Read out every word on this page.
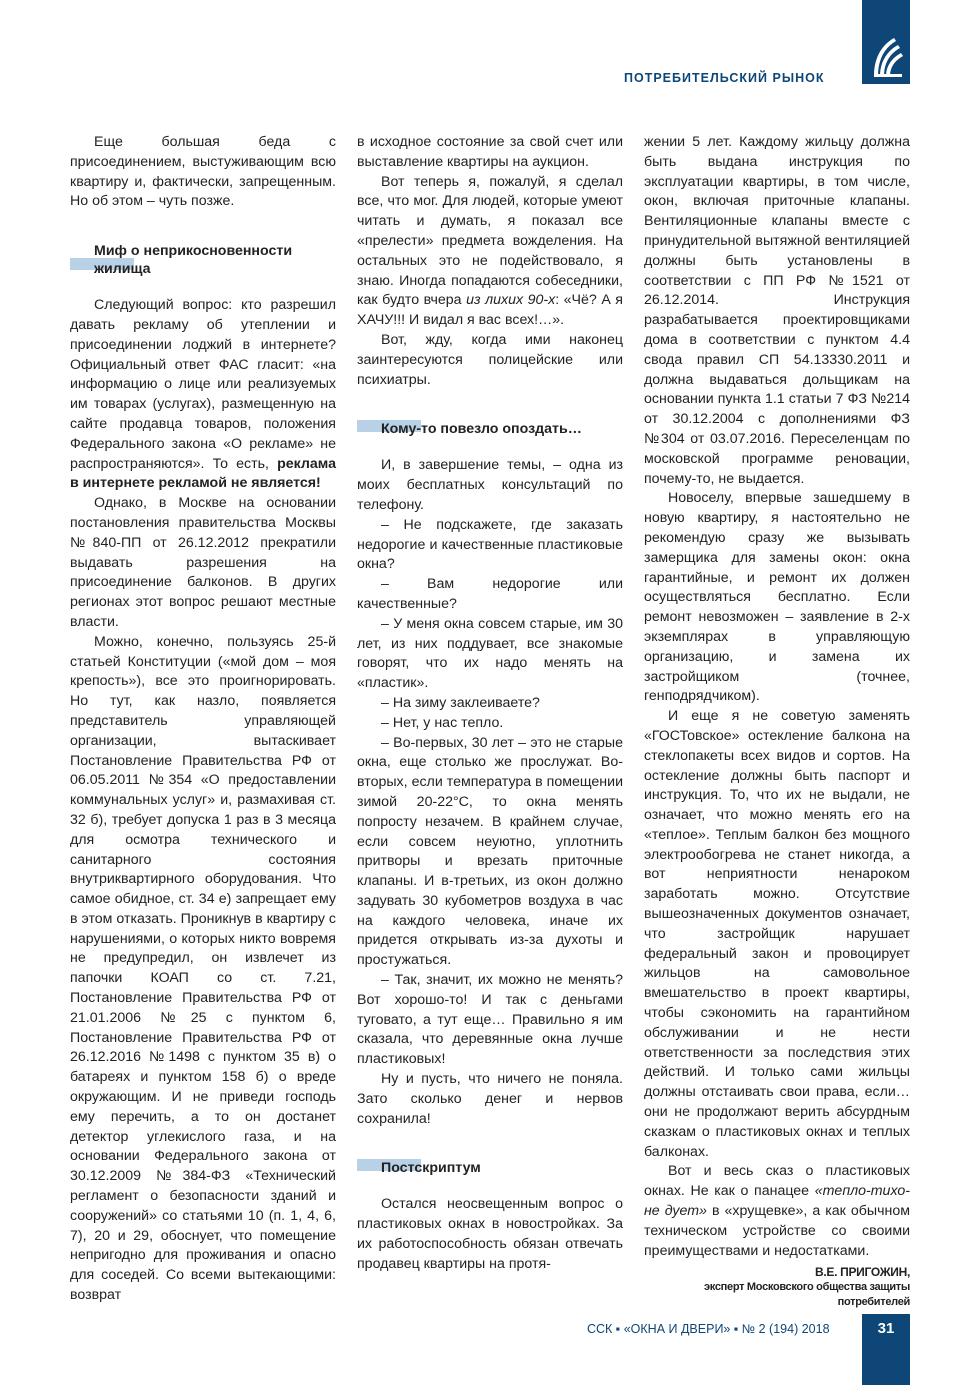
ПОТРЕБИТЕЛЬСКИЙ РЫНОК

Еще большая беда с присоединением, выстуживающим всю квартиру и, фактически, запрещенным. Но об этом – чуть позже.

Миф о неприкосновенности жилища

Следующий вопрос: кто разрешил давать рекламу об утеплении и присоединении лоджий в интернете? Официальный ответ ФАС гласит: «на информацию о лице или реализуемых им товарах (услугах), размещенную на сайте продавца товаров, положения Федерального закона «О рекламе» не распространяются». То есть, реклама в интернете рекламой не является!

Однако, в Москве на основании постановления правительства Москвы №840-ПП от 26.12.2012 прекратили выдавать разрешения на присоединение балконов. В других регионах этот вопрос решают местные власти.

Можно, конечно, пользуясь 25-й статьей Конституции («мой дом – моя крепость»), все это проигнорировать. Но тут, как назло, появляется представитель управляющей организации, вытаскивает Постановление Правительства РФ от 06.05.2011 №354 «О предоставлении коммунальных услуг» и, размахивая ст. 32 б), требует допуска 1 раз в 3 месяца для осмотра технического и санитарного состояния внутриквартирного оборудования. Что самое обидное, ст. 34 е) запрещает ему в этом отказать. Проникнув в квартиру с нарушениями, о которых никто вовремя не предупредил, он извлечет из папочки КОАП со ст. 7.21, Постановление Правительства РФ от 21.01.2006 №25 с пунктом 6, Постановление Правительства РФ от 26.12.2016 №1498 с пунктом 35 в) о батареях и пунктом 158 б) о вреде окружающим. И не приведи господь ему перечить, а то он достанет детектор углекислого газа, и на основании Федерального закона от 30.12.2009 №384-ФЗ «Технический регламент о безопасности зданий и сооружений» со статьями 10 (п. 1, 4, 6, 7), 20 и 29, обоснует, что помещение непригодно для проживания и опасно для соседей. Со всеми вытекающими: возврат

в исходное состояние за свой счет или выставление квартиры на аукцион.

Вот теперь я, пожалуй, я сделал все, что мог. Для людей, которые умеют читать и думать, я показал все «прелести» предмета вожделения. На остальных это не подействовало, я знаю. Иногда попадаются собеседники, как будто вчера из лихих 90-х: «Чё? А я ХАЧУ!!! И видал я вас всех!…».

Вот, жду, когда ими наконец заинтересуются полицейские или психиатры.

Кому-то повезло опоздать…

И, в завершение темы, – одна из моих бесплатных консультаций по телефону.

– Не подскажете, где заказать недорогие и качественные пластиковые окна?

– Вам недорогие или качественные?

– У меня окна совсем старые, им 30 лет, из них поддувает, все знакомые говорят, что их надо менять на «пластик».

– На зиму заклеиваете?

– Нет, у нас тепло.

– Во-первых, 30 лет – это не старые окна, еще столько же прослужат. Во-вторых, если температура в помещении зимой 20-22°С, то окна менять попросту незачем. В крайнем случае, если совсем неуютно, уплотнить притворы и врезать приточные клапаны. И в-третьих, из окон должно задувать 30 кубометров воздуха в час на каждого человека, иначе их придется открывать из-за духоты и простужаться.

– Так, значит, их можно не менять? Вот хорошо-то! И так с деньгами туговато, а тут еще… Правильно я им сказала, что деревянные окна лучше пластиковых!

Ну и пусть, что ничего не поняла. Зато сколько денег и нервов сохранила!

Постскриптум

Остался неосвещенным вопрос о пластиковых окнах в новостройках. За их работоспособность обязан отвечать продавец квартиры на протя-

жении 5 лет. Каждому жильцу должна быть выдана инструкция по эксплуатации квартиры, в том числе, окон, включая приточные клапаны. Вентиляционные клапаны вместе с принудительной вытяжной вентиляцией должны быть установлены в соответствии с ПП РФ №1521 от 26.12.2014. Инструкция разрабатывается проектировщиками дома в соответствии с пунктом 4.4 свода правил СП 54.13330.2011 и должна выдаваться дольщикам на основании пункта 1.1 статьи 7 ФЗ №214 от 30.12.2004 с дополнениями ФЗ №304 от 03.07.2016. Переселенцам по московской программе реновации, почему-то, не выдается.

Новоселу, впервые зашедшему в новую квартиру, я настоятельно не рекомендую сразу же вызывать замерщика для замены окон: окна гарантийные, и ремонт их должен осуществляться бесплатно. Если ремонт невозможен – заявление в 2-х экземплярах в управляющую организацию, и замена их застройщиком (точнее, генподрядчиком).

И еще я не советую заменять «ГОСТовское» остекление балкона на стеклопакеты всех видов и сортов. На остекление должны быть паспорт и инструкция. То, что их не выдали, не означает, что можно менять его на «теплое». Теплым балкон без мощного электрообогрева не станет никогда, а вот неприятности ненароком заработать можно. Отсутствие вышеозначенных документов означает, что застройщик нарушает федеральный закон и провоцирует жильцов на самовольное вмешательство в проект квартиры, чтобы сэкономить на гарантийном обслуживании и не нести ответственности за последствия этих действий. И только сами жильцы должны отстаивать свои права, если… они не продолжают верить абсурдным сказкам о пластиковых окнах и теплых балконах.

Вот и весь сказ о пластиковых окнах. Не как о панацее «тепло-тихо-не дует» в «хрущевке», а как обычном техническом устройстве со своими преимуществами и недостатками.

В.Е. ПРИГОЖИН,
эксперт Московского общества защиты
потребителей
ССК ▪ «ОКНА И ДВЕРИ» ▪ № 2 (194) 2018	31
